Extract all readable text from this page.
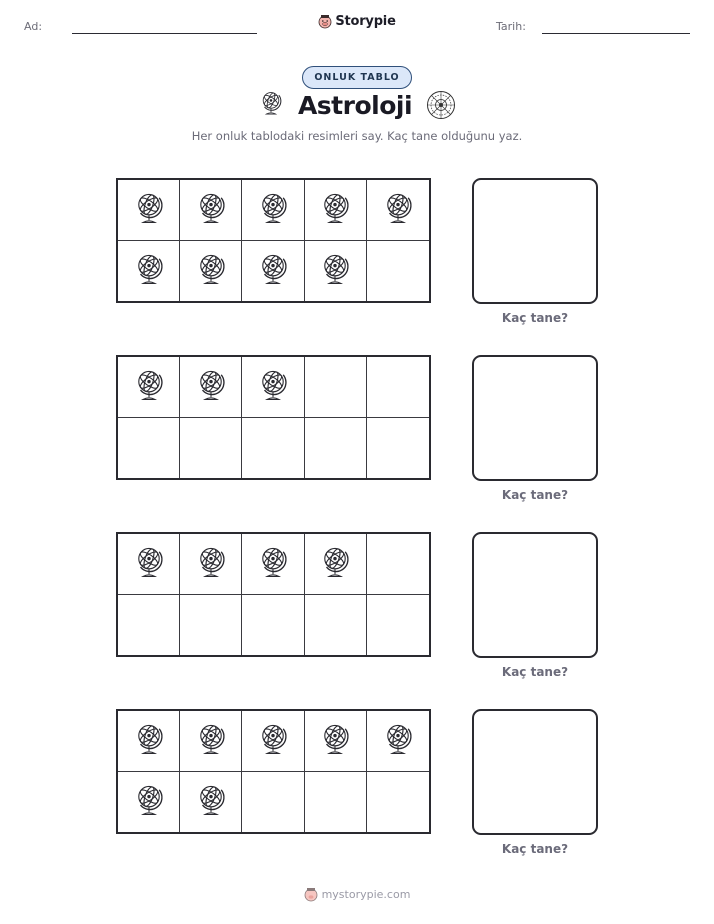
Ad:	Storypie	Tarih:
ONLUK TABLO
Astroloji
Her onluk tablodaki resimleri say. Kaç tane olduğunu yaz.
Kaç tane?
Kaç tane?
Kaç tane?
Kaç tane?
mystorypie.com
